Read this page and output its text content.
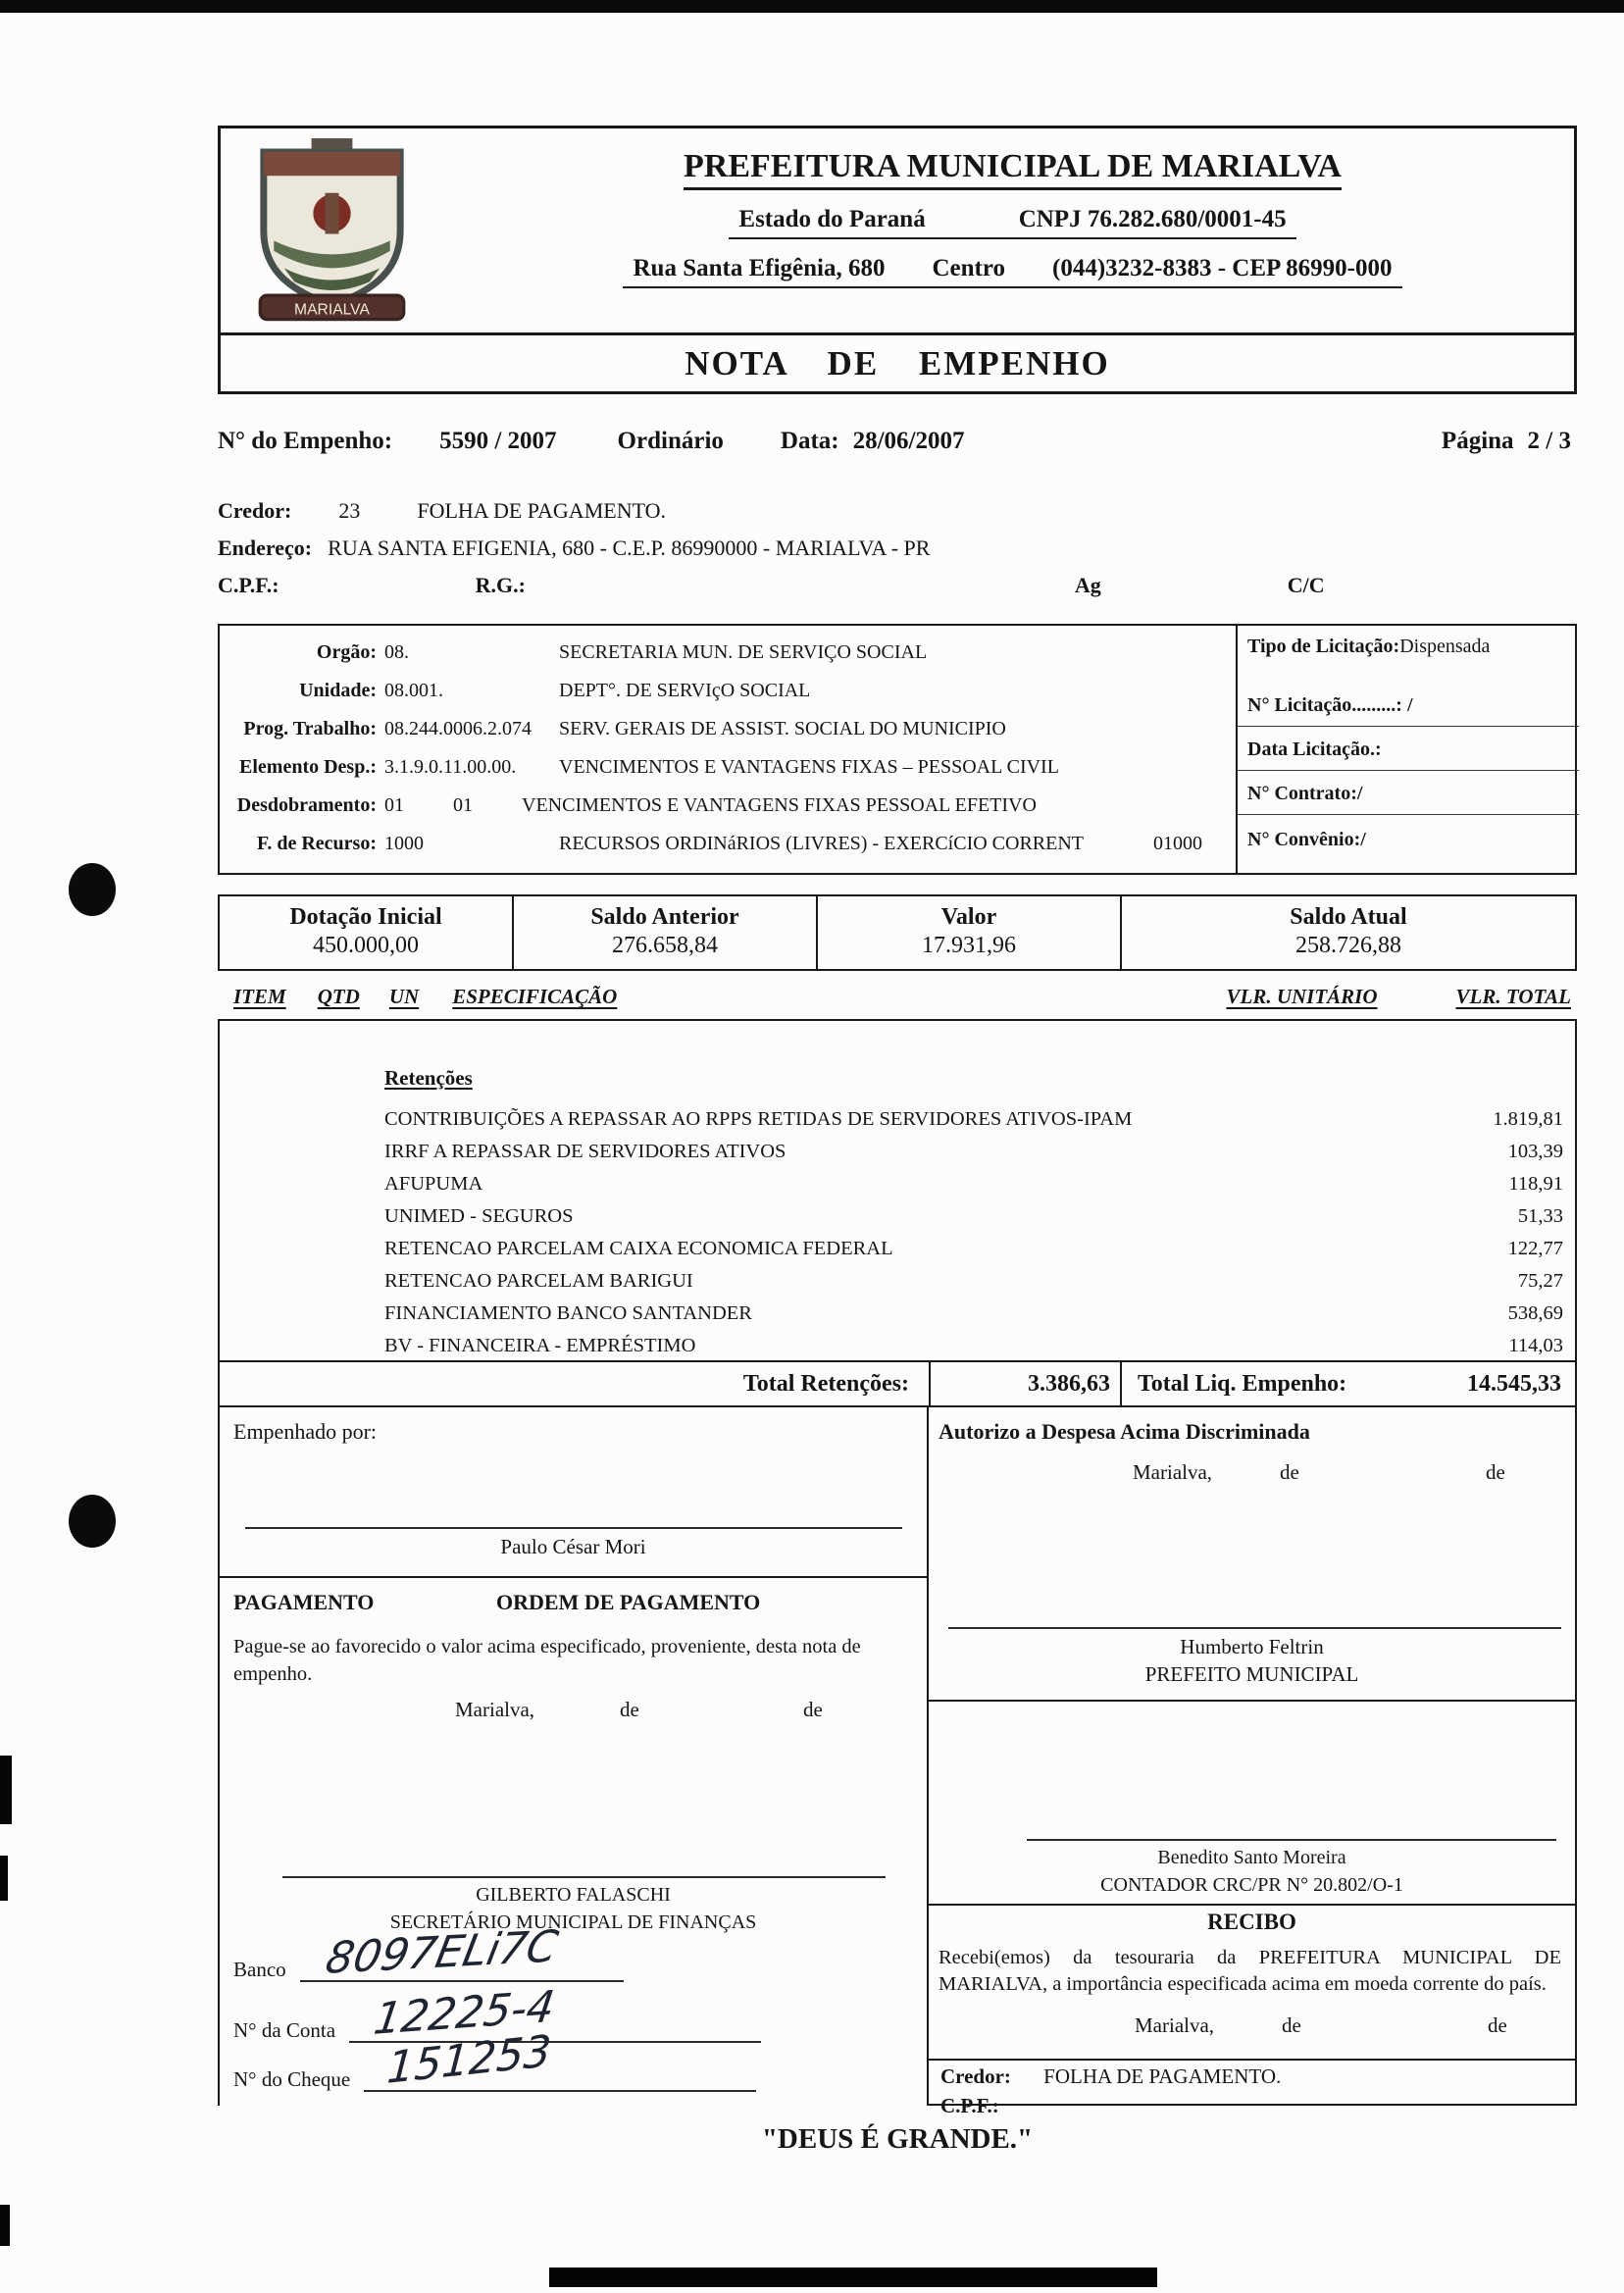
MARIALVA
PREFEITURA MUNICIPAL DE MARIALVA
Estado do Paraná	CNPJ 76.282.680/0001-45
Rua Santa Efigênia, 680 Centro (044)3232-8383 - CEP 86990-000
NOTA DE EMPENHO
N° do Empenho: 5590 / 2007 Ordinário Data: 28/06/2007	Página 2 / 3
Credor: 23	FOLHA DE PAGAMENTO.
Endereço: RUA SANTA EFIGENIA, 680 - C.E.P. 86990000 - MARIALVA - PR
C.P.F.:	R.G.:	Ag	C/C
Orgão: 08.	SECRETARIA MUN. DE SERVIÇO SOCIAL
Unidade: 08.001.	DEPT°. DE SERVIçO SOCIAL
Prog. Trabalho: 08.244.0006.2.074	SERV. GERAIS DE ASSIST. SOCIAL DO MUNICIPIO
Elemento Desp.: 3.1.9.0.11.00.00.	VENCIMENTOS E VANTAGENS FIXAS – PESSOAL CIVIL
Desdobramento: 01	01	VENCIMENTOS E VANTAGENS FIXAS PESSOAL EFETIVO
F. de Recurso: 1000	RECURSOS ORDINáRIOS (LIVRES) - EXERCíCIO CORRENT	01000
Tipo de Licitação:Dispensada
N° Licitação.........: /
Data Licitação.:
N° Contrato:/
N° Convênio:/
Dotação Inicial
450.000,00
Saldo Anterior
276.658,84
Valor
17.931,96
Saldo Atual
258.726,88
ITEM QTD UN ESPECIFICAÇÃO	VLR. UNITÁRIO	VLR. TOTAL
Retenções
CONTRIBUIÇÕES A REPASSAR AO RPPS RETIDAS DE SERVIDORES ATIVOS-IPAM	1.819,81
IRRF A REPASSAR DE SERVIDORES ATIVOS	103,39
AFUPUMA	118,91
UNIMED - SEGUROS	51,33
RETENCAO PARCELAM CAIXA ECONOMICA FEDERAL	122,77
RETENCAO PARCELAM BARIGUI	75,27
FINANCIAMENTO BANCO SANTANDER	538,69
BV - FINANCEIRA - EMPRÉSTIMO	114,03
Total Retenções:	3.386,63	Total Liq. Empenho:	14.545,33
Empenhado por:
Paulo César Mori
PAGAMENTO	ORDEM DE PAGAMENTO
Pague-se ao favorecido o valor acima especificado, proveniente, desta nota de empenho.
Marialva,	de	de
GILBERTO FALASCHI
SECRETÁRIO MUNICIPAL DE FINANÇAS
Banco 8097ELi7C
N° da Conta 12225-4
N° do Cheque 151253
Autorizo a Despesa Acima Discriminada
Marialva,	de	de
Humberto Feltrin
PREFEITO MUNICIPAL
Benedito Santo Moreira
CONTADOR CRC/PR N° 20.802/O-1
RECIBO
Recebi(emos) da tesouraria da PREFEITURA MUNICIPAL DE MARIALVA, a importância especificada acima em moeda corrente do país.
Marialva,	de	de
Credor: FOLHA DE PAGAMENTO.
C.P.F.:
"DEUS É GRANDE."
